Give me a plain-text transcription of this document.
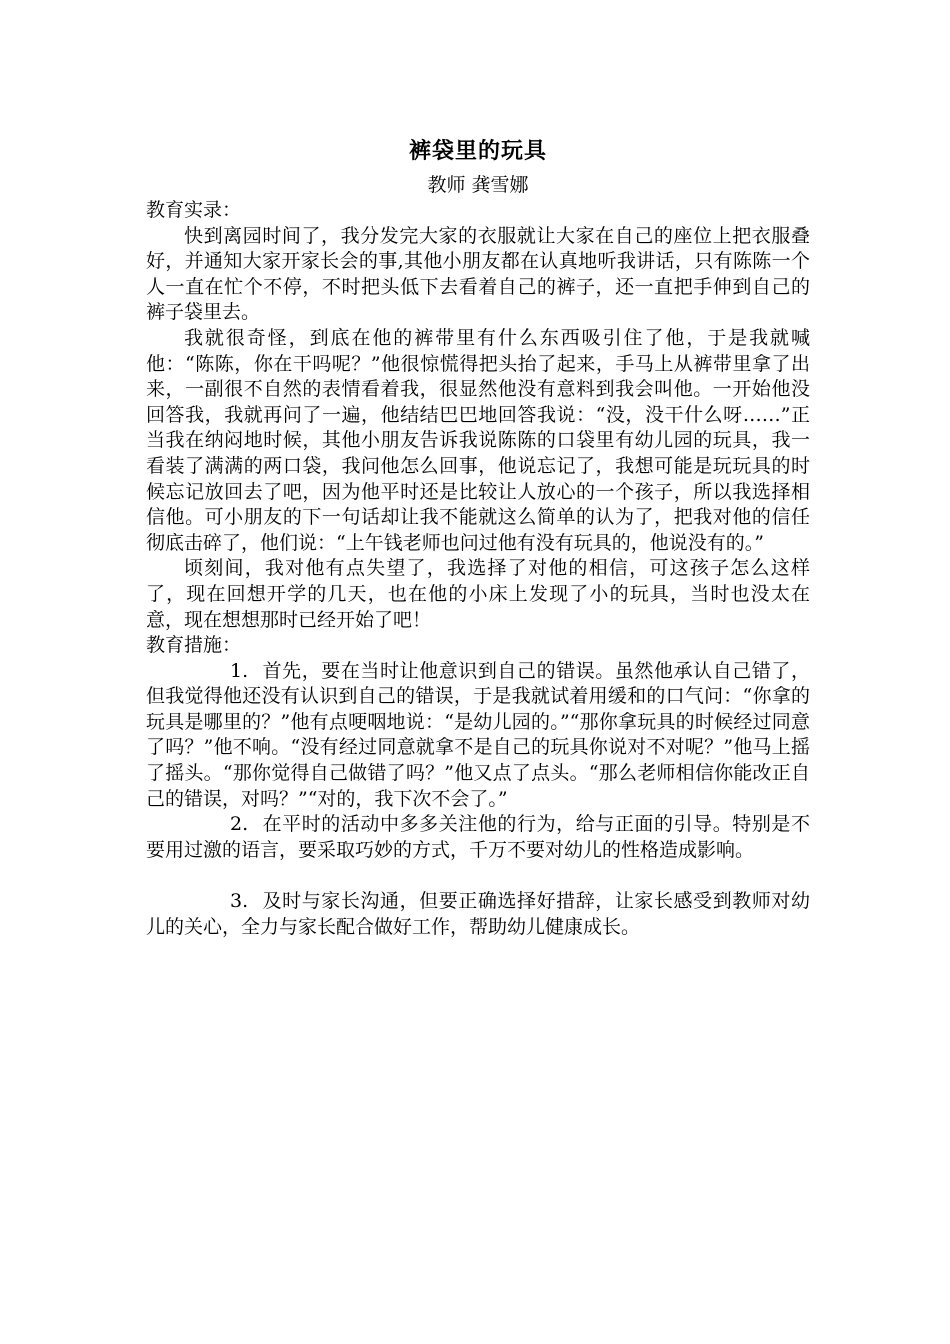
裤袋里的玩具

教师 龚雪娜

教育实录：

快到离园时间了，我分发完大家的衣服就让大家在自己的座位上把衣服叠好，并通知大家开家长会的事,其他小朋友都在认真地听我讲话，只有陈陈一个人一直在忙个不停，不时把头低下去看着自己的裤子，还一直把手伸到自己的裤子袋里去。

我就很奇怪，到底在他的裤带里有什么东西吸引住了他，于是我就喊他：“陈陈，你在干吗呢？”他很惊慌得把头抬了起来，手马上从裤带里拿了出来，一副很不自然的表情看着我，很显然他没有意料到我会叫他。一开始他没回答我，我就再问了一遍，他结结巴巴地回答我说：“没，没干什么呀……”正当我在纳闷地时候，其他小朋友告诉我说陈陈的口袋里有幼儿园的玩具，我一看装了满满的两口袋，我问他怎么回事，他说忘记了，我想可能是玩玩具的时候忘记放回去了吧，因为他平时还是比较让人放心的一个孩子，所以我选择相信他。可小朋友的下一句话却让我不能就这么简单的认为了，把我对他的信任彻底击碎了，他们说：“上午钱老师也问过他有没有玩具的，他说没有的。”

顷刻间，我对他有点失望了，我选择了对他的相信，可这孩子怎么这样了，现在回想开学的几天，也在他的小床上发现了小的玩具，当时也没太在意，现在想想那时已经开始了吧！

教育措施：

1. 首先，要在当时让他意识到自己的错误。虽然他承认自己错了，但我觉得他还没有认识到自己的错误，于是我就试着用缓和的口气问：“你拿的玩具是哪里的？”他有点哽咽地说：“是幼儿园的。”“那你拿玩具的时候经过同意了吗？”他不响。“没有经过同意就拿不是自己的玩具你说对不对呢？”他马上摇了摇头。“那你觉得自己做错了吗？”他又点了点头。“那么老师相信你能改正自己的错误，对吗？”“对的，我下次不会了。”

2. 在平时的活动中多多关注他的行为，给与正面的引导。特别是不要用过激的语言，要采取巧妙的方式，千万不要对幼儿的性格造成影响。

3. 及时与家长沟通，但要正确选择好措辞，让家长感受到教师对幼儿的关心，全力与家长配合做好工作，帮助幼儿健康成长。
